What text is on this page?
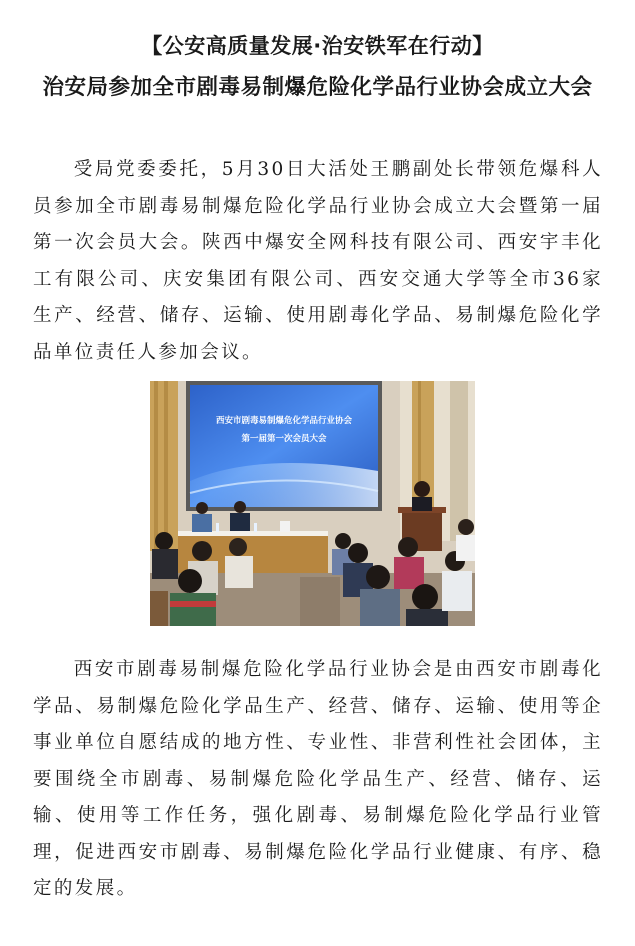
【公安高质量发展·治安铁军在行动】
治安局参加全市剧毒易制爆危险化学品行业协会成立大会

受局党委委托，5月30日大活处王鹏副处长带领危爆科人员参加全市剧毒易制爆危险化学品行业协会成立大会暨第一届第一次会员大会。陕西中爆安全网科技有限公司、西安宇丰化工有限公司、庆安集团有限公司、西安交通大学等全市36家生产、经营、储存、运输、使用剧毒化学品、易制爆危险化学品单位责任人参加会议。

西安市剧毒易制爆危化学品行业协会
第一届第一次会员大会

西安市剧毒易制爆危险化学品行业协会是由西安市剧毒化学品、易制爆危险化学品生产、经营、储存、运输、使用等企事业单位自愿结成的地方性、专业性、非营利性社会团体，主要围绕全市剧毒、易制爆危险化学品生产、经营、储存、运输、使用等工作任务，强化剧毒、易制爆危险化学品行业管理，促进西安市剧毒、易制爆危险化学品行业健康、有序、稳定的发展。
